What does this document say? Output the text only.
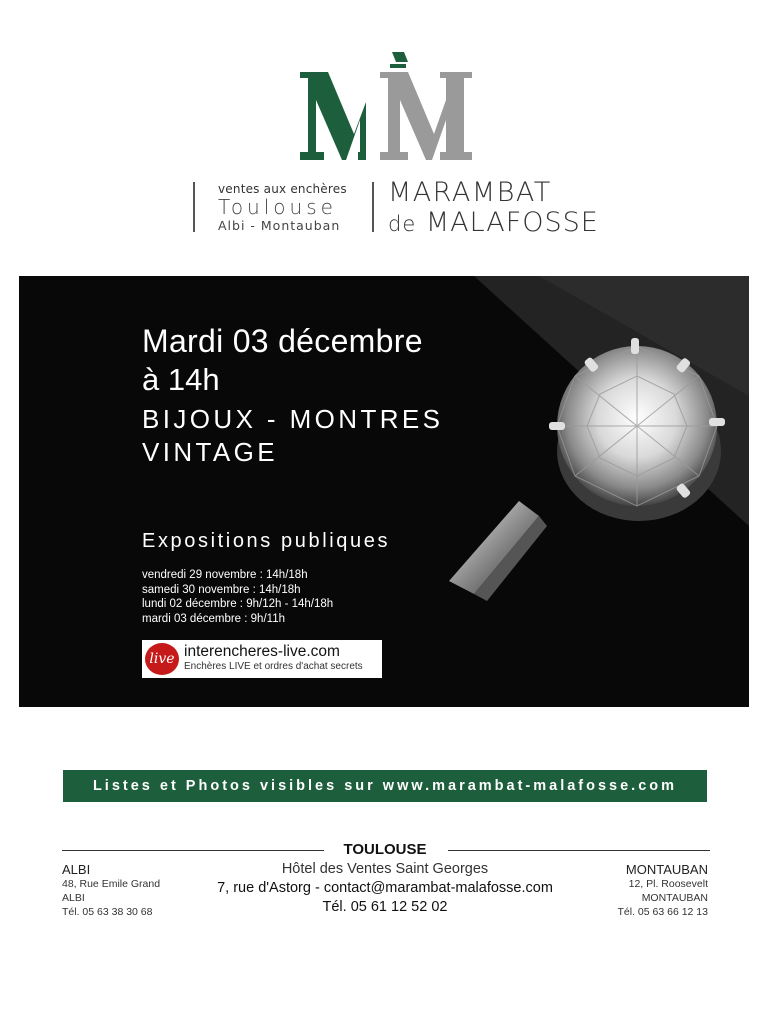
ventes aux enchères
Toulouse
Albi - Montauban
MARAMBAT
de MALAFOSSE
Mardi 03 décembre
à 14h
BIJOUX - MONTRES
VINTAGE
Expositions publiques
vendredi 29 novembre : 14h/18h
samedi 30 novembre : 14h/18h
lundi 02 décembre : 9h/12h - 14h/18h
mardi 03 décembre : 9h/11h
live interencheres-live.com
Enchères LIVE et ordres d'achat secrets
Listes et Photos visibles sur www.marambat-malafosse.com
TOULOUSE
Hôtel des Ventes Saint Georges
7, rue d'Astorg - contact@marambat-malafosse.com
Tél. 05 61 12 52 02
ALBI
48, Rue Emile Grand
ALBI
Tél. 05 63 38 30 68
MONTAUBAN
12, Pl. Roosevelt
MONTAUBAN
Tél. 05 63 66 12 13
